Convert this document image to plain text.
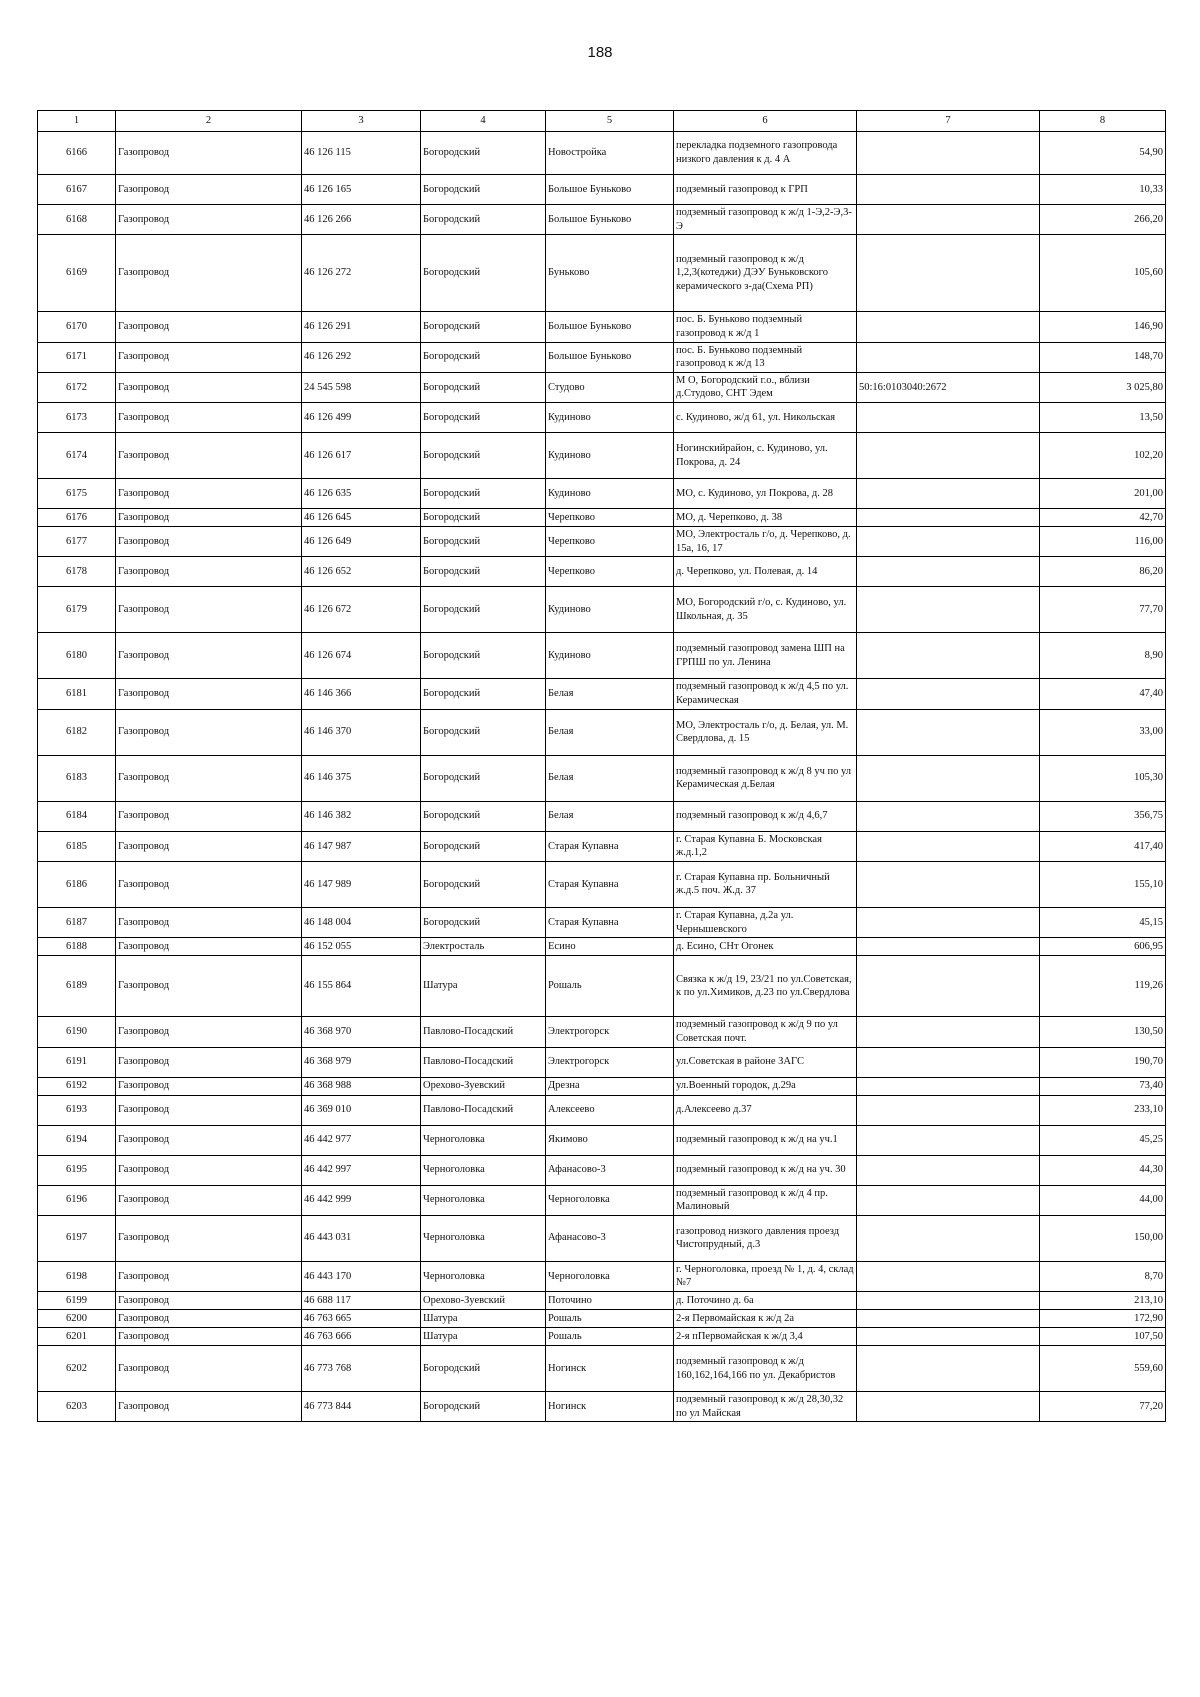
188
1	2	3	4	5	6	7	8
6166	Газопровод	46 126 115	Богородский	Новостройка	перекладка подземного газопровода низкого давления к д. 4 А		54,90
6167	Газопровод	46 126 165	Богородский	Большое Буньково	подземный газопровод к ГРП		10,33
6168	Газопровод	46 126 266	Богородский	Большое Буньково	подземный газопровод к ж/д 1-Э,2-Э,3-Э		266,20
6169	Газопровод	46 126 272	Богородский	Буньково	подземный газопровод к ж/д 1,2,3(котеджи) ДЭУ Буньковского керамического з-да(Схема РП)		105,60
6170	Газопровод	46 126 291	Богородский	Большое Буньково	пос. Б. Буньково подземный газопровод к ж/д 1		146,90
6171	Газопровод	46 126 292	Богородский	Большое Буньково	пос. Б. Буньково подземный газопровод к ж/д 13		148,70
6172	Газопровод	24 545 598	Богородский	Студово	М О, Богородский г.о., вблизи д.Студово, СНТ Эдем	50:16:0103040:2672	3 025,80
6173	Газопровод	46 126 499	Богородский	Кудиново	с. Кудиново, ж/д 61, ул. Никольская		13,50
6174	Газопровод	46 126 617	Богородский	Кудиново	Ногинскийрайон, с. Кудиново, ул. Покрова, д. 24		102,20
6175	Газопровод	46 126 635	Богородский	Кудиново	МО, с. Кудиново, ул Покрова, д. 28		201,00
6176	Газопровод	46 126 645	Богородский	Черепково	МО, д. Черепково, д. 38		42,70
6177	Газопровод	46 126 649	Богородский	Черепково	МО, Электросталь г/о, д. Черепково, д. 15а, 16, 17		116,00
6178	Газопровод	46 126 652	Богородский	Черепково	д. Черепково, ул. Полевая, д. 14		86,20
6179	Газопровод	46 126 672	Богородский	Кудиново	МО, Богородский г/о, с. Кудиново, ул. Школьная, д. 35		77,70
6180	Газопровод	46 126 674	Богородский	Кудиново	подземный газопровод замена ШП на ГРПШ по ул. Ленина		8,90
6181	Газопровод	46 146 366	Богородский	Белая	подземный газопровод к ж/д 4,5 по ул. Керамическая		47,40
6182	Газопровод	46 146 370	Богородский	Белая	МО, Электросталь г/о, д. Белая, ул. М. Свердлова, д. 15		33,00
6183	Газопровод	46 146 375	Богородский	Белая	подземный газопровод к ж/д 8 уч по ул Керамическая д.Белая		105,30
6184	Газопровод	46 146 382	Богородский	Белая	подземный газопровод к ж/д 4,6,7		356,75
6185	Газопровод	46 147 987	Богородский	Старая Купавна	г. Старая Купавна Б. Московская ж.д.1,2		417,40
6186	Газопровод	46 147 989	Богородский	Старая Купавна	г. Старая Купавна пр. Больничный ж.д.5 поч. Ж.д. 37		155,10
6187	Газопровод	46 148 004	Богородский	Старая Купавна	г. Старая Купавна, д.2а ул. Чернышевского		45,15
6188	Газопровод	46 152 055	Электросталь	Есино	д. Есино, СНт Огонек		606,95
6189	Газопровод	46 155 864	Шатура	Рошаль	Связка к ж/д 19, 23/21 по ул.Советская, к по ул.Химиков, д.23 по ул.Свердлова		119,26
6190	Газопровод	46 368 970	Павлово-Посадский	Электрогорск	подземный газопровод к ж/д 9 по ул Советская почт.		130,50
6191	Газопровод	46 368 979	Павлово-Посадский	Электрогорск	ул.Советская в районе ЗАГС		190,70
6192	Газопровод	46 368 988	Орехово-Зуевский	Дрезна	ул.Военный городок, д.29а		73,40
6193	Газопровод	46 369 010	Павлово-Посадский	Алексеево	д.Алексеево д.37		233,10
6194	Газопровод	46 442 977	Черноголовка	Якимово	подземный газопровод к ж/д на уч.1		45,25
6195	Газопровод	46 442 997	Черноголовка	Афанасово-3	подземный газопровод к ж/д на уч. 30		44,30
6196	Газопровод	46 442 999	Черноголовка	Черноголовка	подземный газопровод к ж/д 4 пр. Малиновый		44,00
6197	Газопровод	46 443 031	Черноголовка	Афанасово-3	газопровод низкого давления проезд Чистопрудный, д.3		150,00
6198	Газопровод	46 443 170	Черноголовка	Черноголовка	г. Черноголовка, проезд № 1, д. 4, склад №7		8,70
6199	Газопровод	46 688 117	Орехово-Зуевский	Поточино	д. Поточино д. 6а		213,10
6200	Газопровод	46 763 665	Шатура	Рошаль	2-я Первомайская к ж/д 2а		172,90
6201	Газопровод	46 763 666	Шатура	Рошаль	2-я пПервомайская к ж/д 3,4		107,50
6202	Газопровод	46 773 768	Богородский	Ногинск	подземный газопровод к ж/д 160,162,164,166 по ул. Декабристов		559,60
6203	Газопровод	46 773 844	Богородский	Ногинск	подземный газопровод к ж/д 28,30,32 по ул Майская		77,20
